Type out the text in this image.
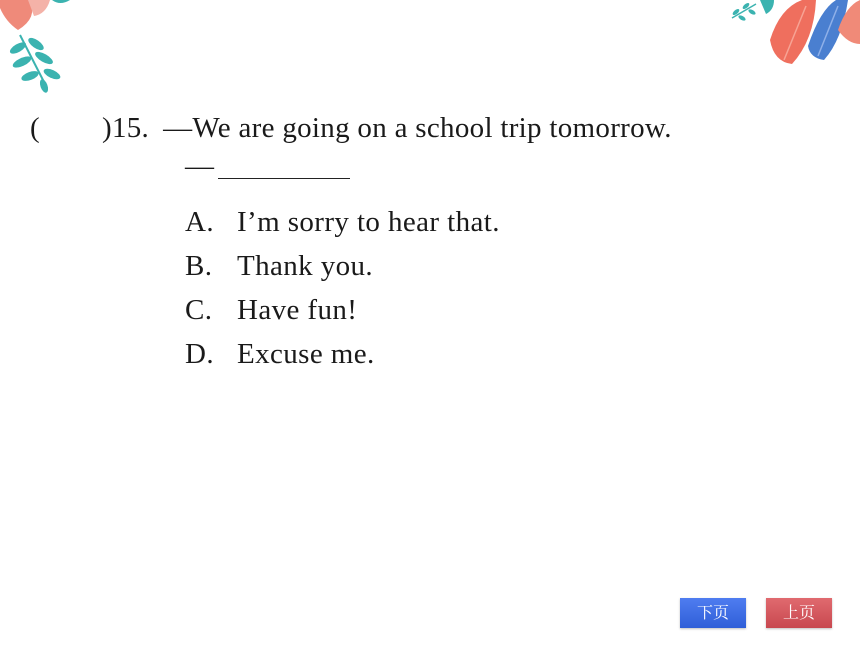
( )15. —We are going on a school trip tomorrow.
—
A. I’m sorry to hear that.
B. Thank you.
C. Have fun!
D. Excuse me.
下页	上页
